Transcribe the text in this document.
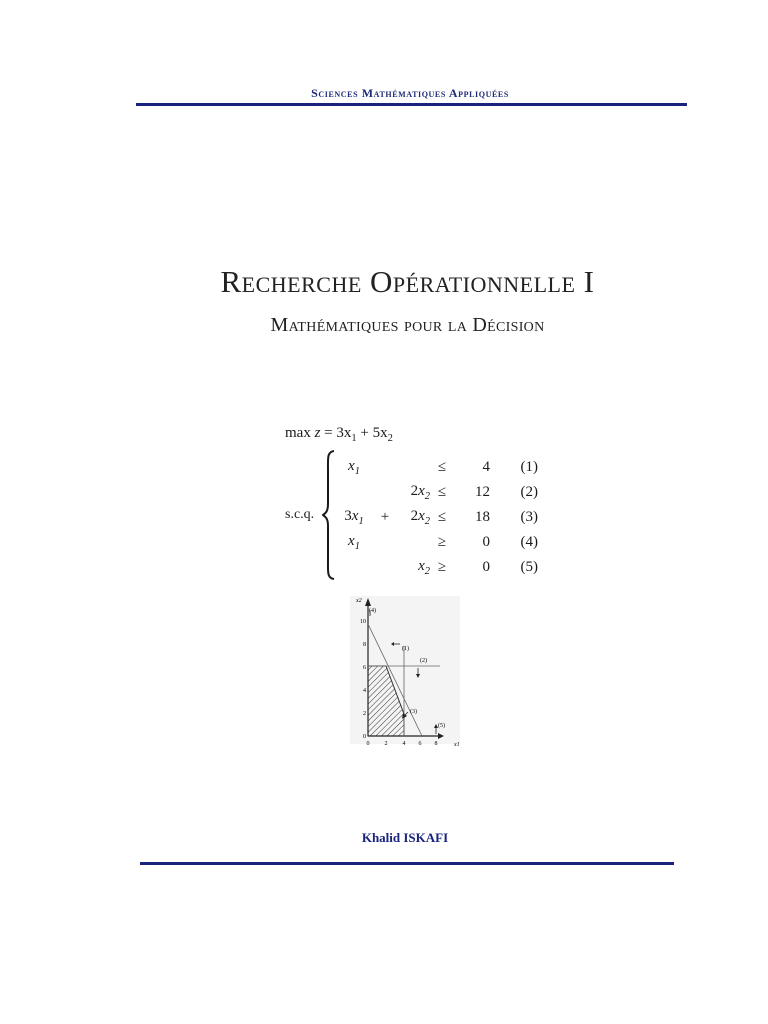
Sciences Mathématiques Appliquées
Recherche Opérationnelle I
Mathématiques pour la Décision
$\max z = 3x_1 + 5x_2$
s.c.q.
$x_1$			≤	4	(1)
		$2x_2$	≤	12	(2)
$3x_1$	+	$2x_2$	≤	18	(3)
$x_1$			≥	0	(4)
		$x_2$	≥	0	(5)
x2
x1
(4)
(1)
(2)
(3)
(5)
0
2
4
6
8
10
0	2	4 6 8
Khalid ISKAFI
